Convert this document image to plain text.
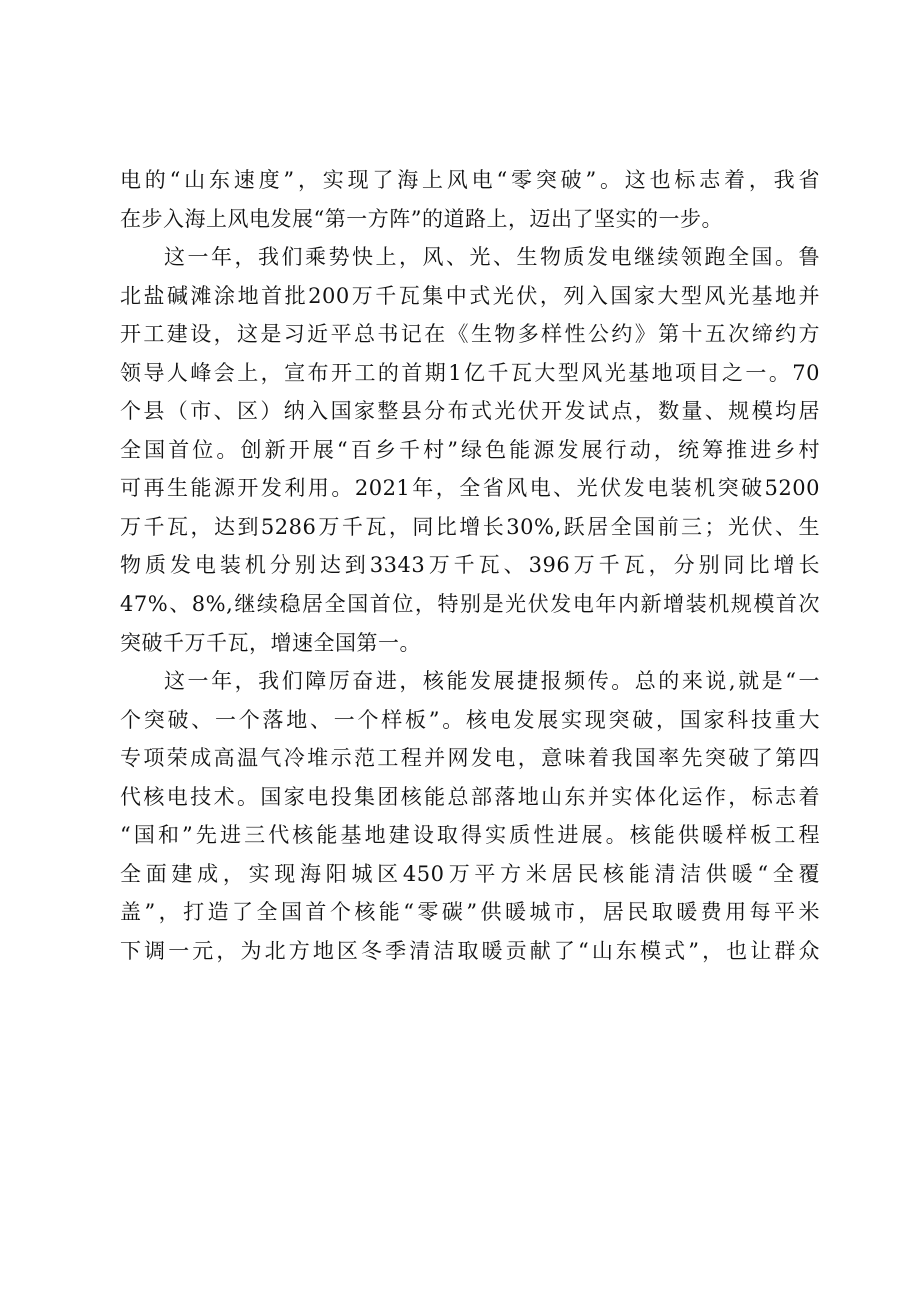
电的“山东速度”，实现了海上风电“零突破”。这也标志着，我省
在步入海上风电发展“第一方阵”的道路上，迈出了坚实的一步。
这一年，我们乘势快上，风、光、生物质发电继续领跑全国。鲁
北盐碱滩涂地首批200万千瓦集中式光伏，列入国家大型风光基地并
开工建设，这是习近平总书记在《生物多样性公约》第十五次缔约方
领导人峰会上，宣布开工的首期1亿千瓦大型风光基地项目之一。70
个县（市、区）纳入国家整县分布式光伏开发试点，数量、规模均居
全国首位。创新开展“百乡千村”绿色能源发展行动，统筹推进乡村
可再生能源开发利用。2021年，全省风电、光伏发电装机突破5200
万千瓦，达到5286万千瓦，同比增长30%,跃居全国前三；光伏、生
物质发电装机分别达到3343万千瓦、396万千瓦，分别同比增长
47%、8%,继续稳居全国首位，特别是光伏发电年内新增装机规模首次
突破千万千瓦，增速全国第一。
这一年，我们障厉奋进，核能发展捷报频传。总的来说,就是“一
个突破、一个落地、一个样板”。核电发展实现突破，国家科技重大
专项荣成高温气冷堆示范工程并网发电，意味着我国率先突破了第四
代核电技术。国家电投集团核能总部落地山东并实体化运作，标志着
“国和”先进三代核能基地建设取得实质性进展。核能供暖样板工程
全面建成，实现海阳城区450万平方米居民核能清洁供暖“全覆
盖”，打造了全国首个核能“零碳”供暖城市，居民取暖费用每平米
下调一元，为北方地区冬季清洁取暖贡献了“山东模式”，也让群众
